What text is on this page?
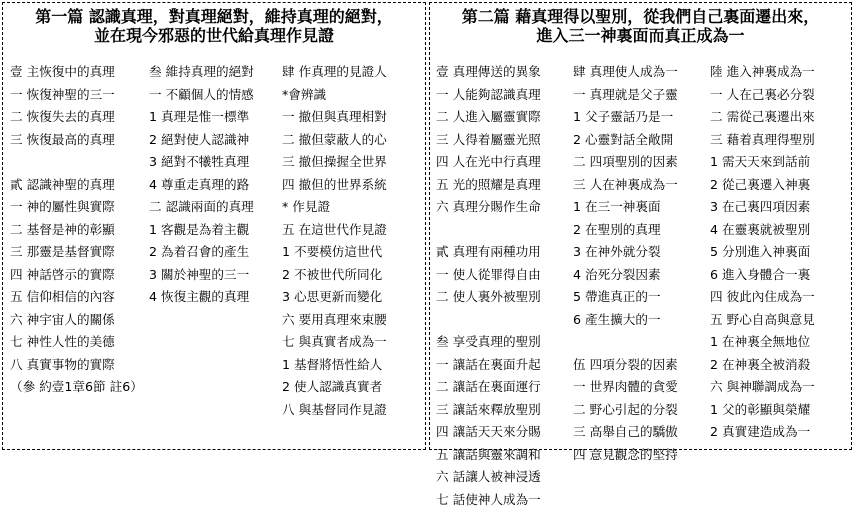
第一篇 認識真理，對真理絕對，維持真理的絕對，
並在現今邪惡的世代給真理作見證
壹 主恢復中的真理
一 恢復神聖的三一
二 恢復失去的真理
三 恢復最高的真理
貳 認識神聖的真理
一 神的屬性與實際
二 基督是神的彰顯
三 那靈是基督實際
四 神話啓示的實際
五 信仰相信的內容
六 神宇宙人的關係
七 神性人性的美德
八 真實事物的實際
（參 約壹1章6節 註6）
叁 維持真理的絕對
一 不顧個人的情感
1 真理是惟一標準
2 絕對使人認識神
3 絕對不犧牲真理
4 尊重走真理的路
二 認識兩面的真理
1 客觀是為着主觀
2 為着召會的產生
3 關於神聖的三一
4 恢復主觀的真理
肆 作真理的見證人
*會辨識
一 撤但與真理相對
二 撤但蒙蔽人的心
三 撤但操握全世界
四 撤但的世界系統
* 作見證
五 在這世代作見證
1 不要模仿這世代
2 不被世代所同化
3 心思更新而變化
六 要用真理來束腰
七 與真實者成為一
1 基督將悟性給人
2 使人認識真實者
八 與基督同作見證
第二篇 藉真理得以聖別，從我們自己裏面遷出來，
進入三一神裏面而真正成為一
壹 真理傳送的異象
一 人能夠認識真理
二 人進入屬靈實際
三 人得着屬靈光照
四 人在光中行真理
五 光的照耀是真理
六 真理分賜作生命
貳 真理有兩種功用
一 使人從罪得自由
二 使人裏外被聖別
叁 享受真理的聖別
一 讓話在裏面升起
二 讓話在裏面運行
三 讓話來釋放聖別
四 讓話天天來分賜
五 讓話與靈來調和
六 話讓人被神浸透
七 話使神人成為一
肆 真理使人成為一
一 真理就是父子靈
1 父子靈話乃是一
2 心靈對話全敞開
二 四項聖別的因素
三 人在神裏成為一
1 在三一神裏面
2 在聖別的真理
3 在神外就分裂
4 治死分裂因素
5 帶進真正的一
6 產生擴大的一
伍 四項分裂的因素
一 世界肉體的貪愛
二 野心引起的分裂
三 高舉自己的驕傲
四 意見觀念的堅持
陸 進入神裏成為一
一 人在己裏必分裂
二 需從己裏遷出來
三 藉着真理得聖別
1 需天天來到話前
2 從己裏遷入神裏
3 在己裏四項因素
4 在靈裏就被聖別
5 分別進入神裏面
6 進入身體合一裏
四 彼此內住成為一
五 野心自高與意見
1 在神裏全無地位
2 在神裏全被消殺
六 與神聯調成為一
1 父的彰顯與榮耀
2 真實建造成為一
